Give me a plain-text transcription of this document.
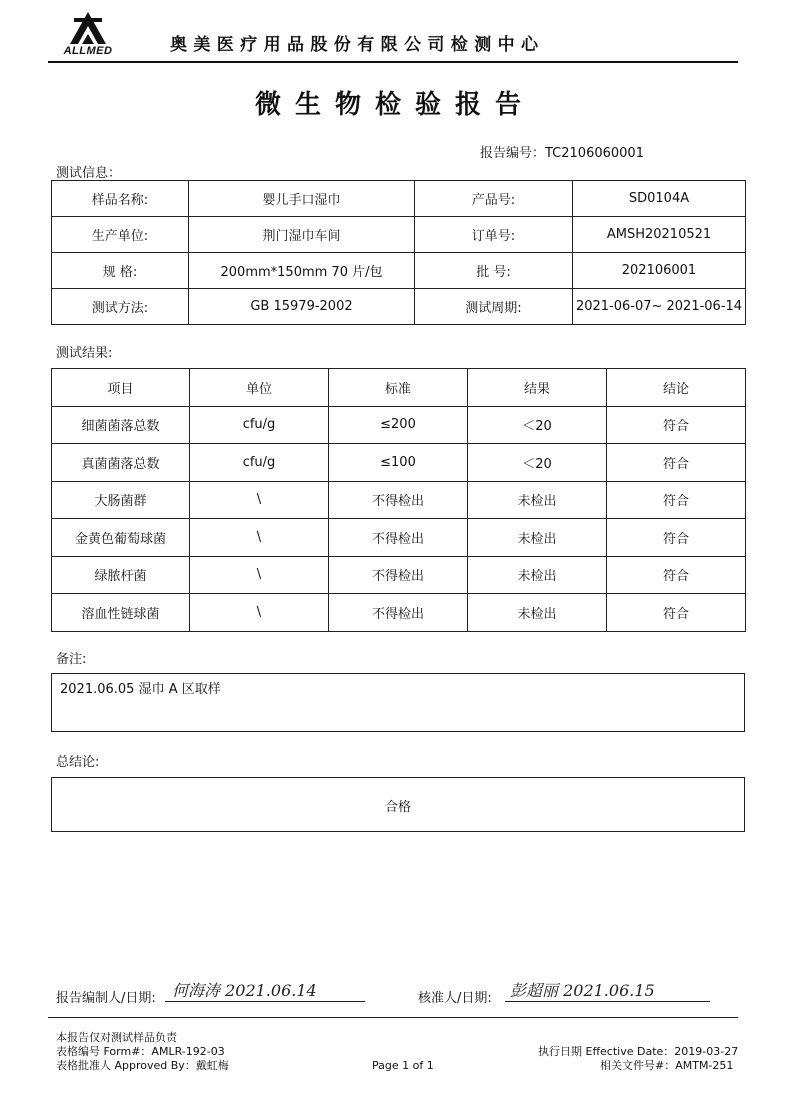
ALLMED	奥美医疗用品股份有限公司检测中心
微生物检验报告
报告编号：TC2106060001
测试信息：
样品名称:	婴儿手口湿巾	产品号:	SD0104A
生产单位:	荆门湿巾车间	订单号:	AMSH20210521
规 格:	200mm*150mm 70 片/包	批 号:	202106001
测试方法:	GB 15979-2002	测试周期:	2021-06-07~ 2021-06-14
测试结果:
项目	单位	标准	结果	结论
细菌菌落总数	cfu/g	≤200	＜20	符合
真菌菌落总数	cfu/g	≤100	＜20	符合
大肠菌群	\	不得检出	未检出	符合
金黄色葡萄球菌	\	不得检出	未检出	符合
绿脓杆菌	\	不得检出	未检出	符合
溶血性链球菌	\	不得检出	未检出	符合
备注:
2021.06.05 湿巾 A 区取样
总结论:
合格
报告编制人/日期: 何海涛 2021.06.14	核准人/日期: 彭超丽 2021.06.15
本报告仅对测试样品负责
表格编号 Form#：AMLR-192-03
表格批准人 Approved By：戴虹梅	Page 1 of 1
执行日期 Effective Date：2019-03-27
相关文件号#：AMTM-251
